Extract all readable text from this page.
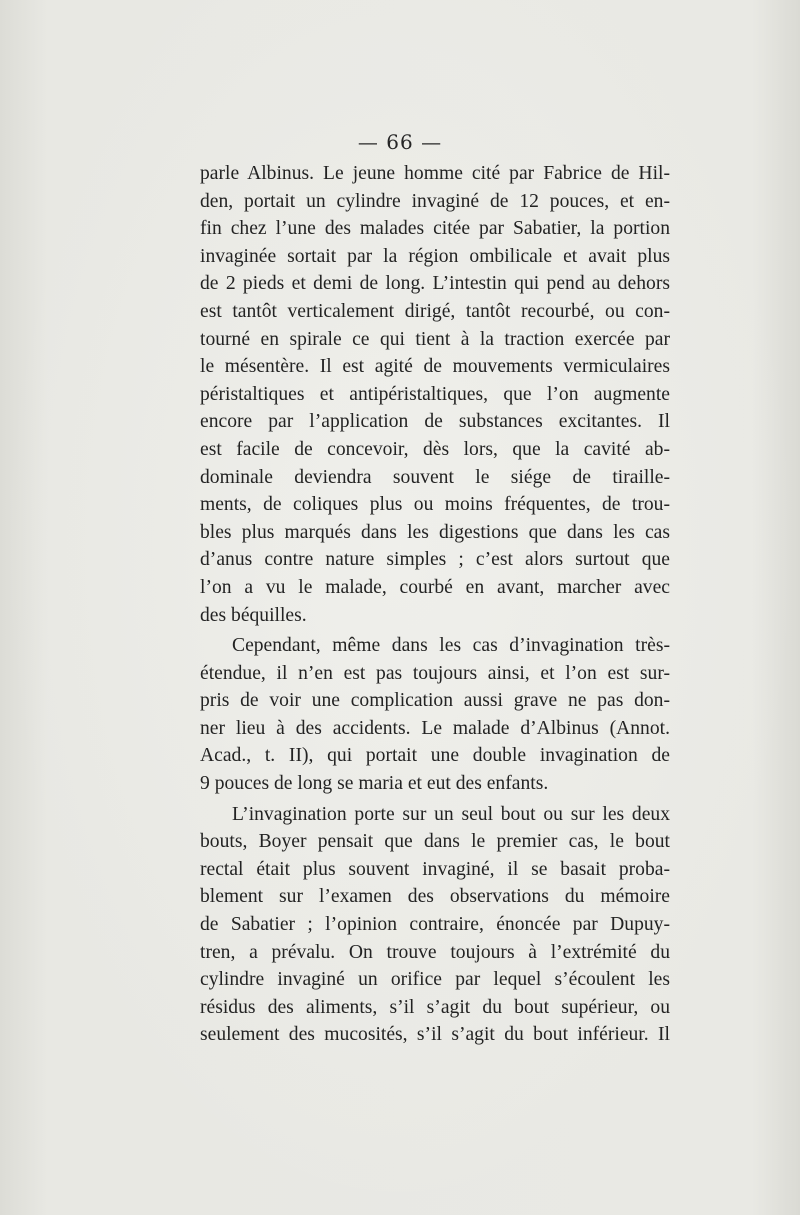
— 66 —
parle Albinus. Le jeune homme cité par Fabrice de Hil-
den, portait un cylindre invaginé de 12 pouces, et en-
fin chez l’une des malades citée par Sabatier, la portion
invaginée sortait par la région ombilicale et avait plus
de 2 pieds et demi de long. L’intestin qui pend au dehors
est tantôt verticalement dirigé, tantôt recourbé, ou con-
tourné en spirale ce qui tient à la traction exercée par
le mésentère. Il est agité de mouvements vermiculaires
péristaltiques et antipéristaltiques, que l’on augmente
encore par l’application de substances excitantes. Il
est facile de concevoir, dès lors, que la cavité ab-
dominale deviendra souvent le siége de tiraille-
ments, de coliques plus ou moins fréquentes, de trou-
bles plus marqués dans les digestions que dans les cas
d’anus contre nature simples ; c’est alors surtout que
l’on a vu le malade, courbé en avant, marcher avec
des béquilles.
Cependant, même dans les cas d’invagination très-
étendue, il n’en est pas toujours ainsi, et l’on est sur-
pris de voir une complication aussi grave ne pas don-
ner lieu à des accidents. Le malade d’Albinus (Annot.
Acad., t. II), qui portait une double invagination de
9 pouces de long se maria et eut des enfants.
L’invagination porte sur un seul bout ou sur les deux
bouts, Boyer pensait que dans le premier cas, le bout
rectal était plus souvent invaginé, il se basait proba-
blement sur l’examen des observations du mémoire
de Sabatier ; l’opinion contraire, énoncée par Dupuy-
tren, a prévalu. On trouve toujours à l’extrémité du
cylindre invaginé un orifice par lequel s’écoulent les
résidus des aliments, s’il s’agit du bout supérieur, ou
seulement des mucosités, s’il s’agit du bout inférieur. Il
